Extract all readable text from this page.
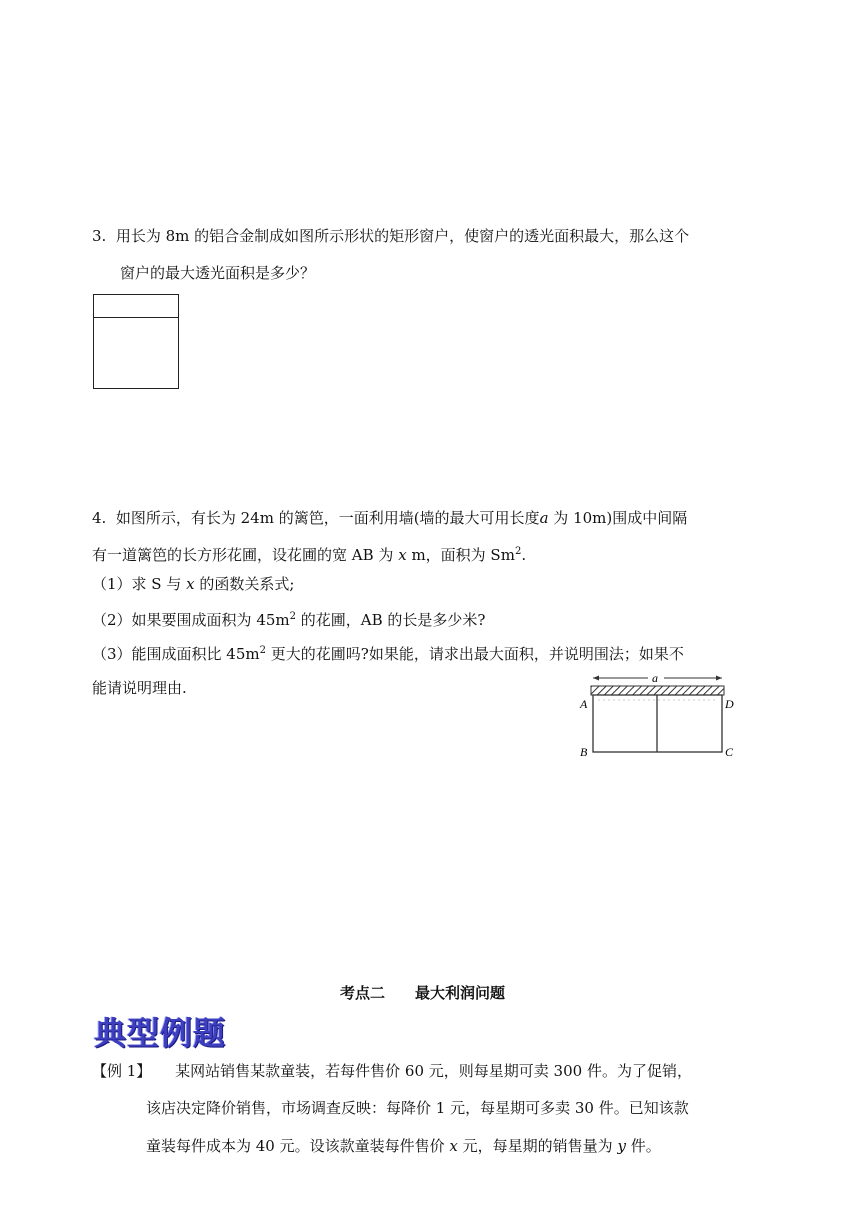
3. 用长为 8m 的铝合金制成如图所示形状的矩形窗户，使窗户的透光面积最大，那么这个
窗户的最大透光面积是多少？
4. 如图所示，有长为 24m 的篱笆，一面利用墙(墙的最大可用长度a 为 10m)围成中间隔
有一道篱笆的长方形花圃，设花圃的宽 AB 为 x m，面积为 Sm$^2$.
（1）求 S 与 x 的函数关系式;
（2）如果要围成面积为 $45m^2$ 的花圃，AB 的长是多少米?
（3）能围成面积比 $45m^2$ 更大的花圃吗?如果能，请求出最大面积，并说明围法；如果不
能请说明理由.
a
A	D
B	C
考点二　　最大利润问题
典型例题
【例 1】 某网站销售某款童装，若每件售价 60 元，则每星期可卖 300 件。为了促销，
该店决定降价销售，市场调查反映：每降价 1 元，每星期可多卖 30 件。已知该款
童装每件成本为 40 元。设该款童装每件售价 x 元，每星期的销售量为 y 件。
